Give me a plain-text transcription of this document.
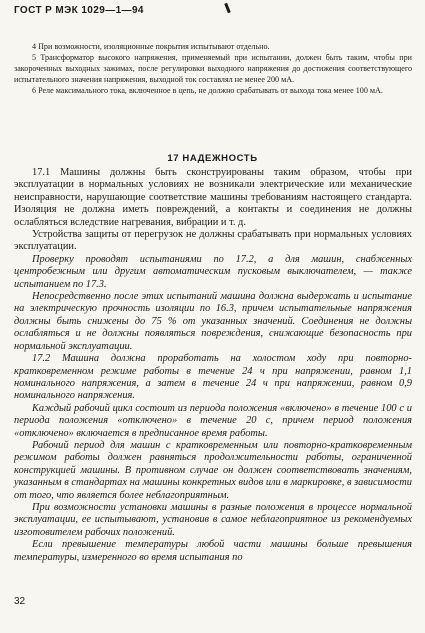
ГОСТ Р МЭК 1029—1—94

4 При возможности, изоляционные покрытия испытывают отдельно.

5 Трансформатор высокого напряжения, применяемый при испытании, должен быть таким, чтобы при закороченных выходных зажимах, после регулировки выходного напряжения до достижения соответствующего испытательного значения напряжения, выходной ток составлял не менее 200 мА.

6 Реле максимального тока, включенное в цепь, не должно срабатывать от выхода тока менее 100 мА.

17 НАДЕЖНОСТЬ

17.1 Машины должны быть сконструированы таким образом, чтобы при эксплуатации в нормальных условиях не возникали электрические или механические неисправности, нарушающие соответствие машины требованиям настоящего стандарта. Изоляция не должна иметь повреждений, а контакты и соединения не должны ослабляться вследствие нагревания, вибрации и т. д.

Устройства защиты от перегрузок не должны срабатывать при нормальных условиях эксплуатации.

Проверку проводят испытаниями по 17.2, а для машин, снабженных центробежным или другим автоматическим пусковым выключателем, — также испытанием по 17.3.

Непосредственно после этих испытаний машина должна выдержать и испытание на электрическую прочность изоляции по 16.3, причем испытательные напряжения должны быть снижены до 75 % от указанных значений. Соединения не должны ослабляться и не должны появляться повреждения, снижающие безопасность при нормальной эксплуатации.

17.2 Машина должна проработать на холостом ходу при повторно-кратковременном режиме работы в течение 24 ч при напряжении, равном 1,1 номинального напряжения, а затем в течение 24 ч при напряжении, равном 0,9 номинального напряжения.

Каждый рабочий цикл состоит из периода положения «включено» в течение 100 с и периода положения «отключено» в течение 20 с, причем период положения «отключено» включается в предписанное время работы.

Рабочий период для машин с кратковременным или повторно-кратковременным режимом работы должен равняться продолжительности работы, ограниченной конструкцией машины. В противном случае он должен соответствовать значениям, указанным в стандартах на машины конкретных видов или в маркировке, в зависимости от того, что является более неблагоприятным.

При возможности установки машины в разные положения в процессе нормальной эксплуатации, ее испытывают, установив в самое неблагоприятное из рекомендуемых изготовителем рабочих положений.

Если превышение температуры любой части машины больше превышения температуры, измеренного во время испытания по

32
